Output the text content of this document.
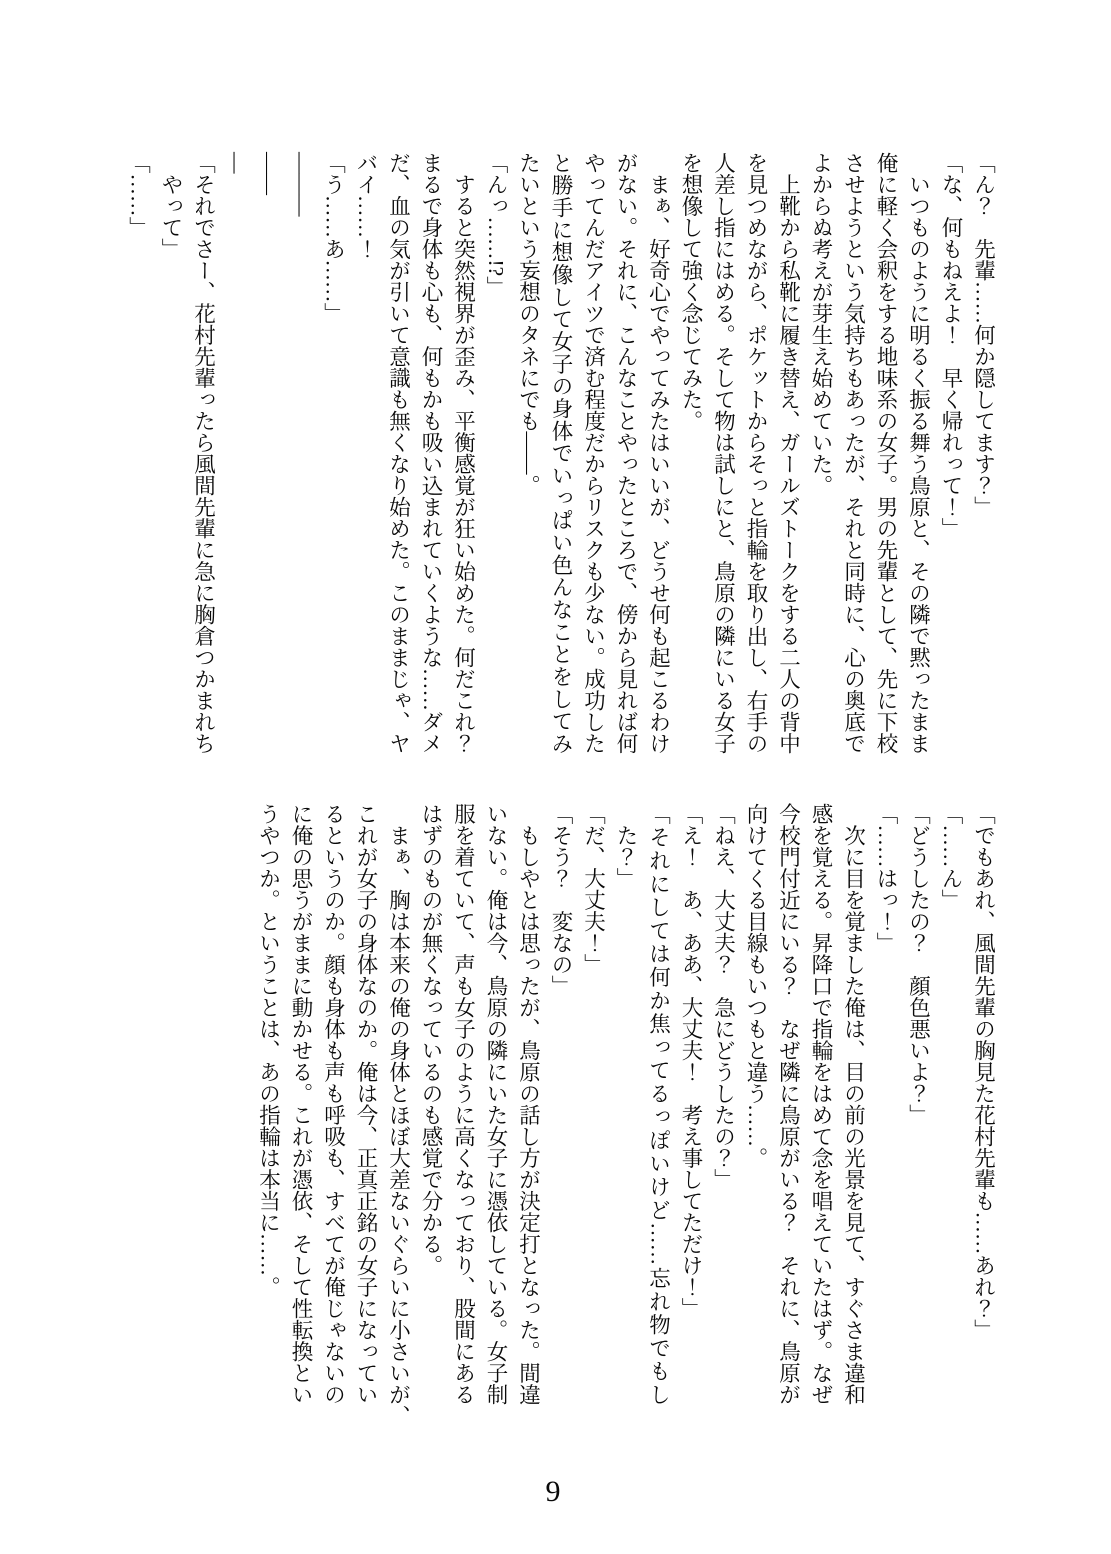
「ん？　先輩……何か隠してます？」
「な、何もねえよ！　早く帰れって！」
　いつものように明るく振る舞う鳥原と、その隣で黙ったまま
俺に軽く会釈をする地味系の女子。男の先輩として、先に下校
させようという気持ちもあったが、それと同時に、心の奥底で
よからぬ考えが芽生え始めていた。
　上靴から私靴に履き替え、ガールズトークをする二人の背中
を見つめながら、ポケットからそっと指輪を取り出し、右手の
人差し指にはめる。そして物は試しにと、鳥原の隣にいる女子
を想像して強く念じてみた。
　まぁ、好奇心でやってみたはいいが、どうせ何も起こるわけ
がない。それに、こんなことやったところで、傍から見れば何
やってんだアイツで済む程度だからリスクも少ない。成功した
と勝手に想像して女子の身体でいっぱい色んなことをしてみ
たいという妄想のタネにでも――。
「んっ……!?」
　すると突然視界が歪み、平衡感覚が狂い始めた。何だこれ？
まるで身体も心も、何もかも吸い込まれていくような……ダメ
だ、血の気が引いて意識も無くなり始めた。このままじゃ、ヤ
バイ……！
「う……あ……」
―――
――
―
「それでさー、花村先輩ったら風間先輩に急に胸倉つかまれち
　やって」
「……」
「でもあれ、風間先輩の胸見た花村先輩も……あれ？」
「……ん」
「どうしたの？　顔色悪いよ？」
「……はっ！」
　次に目を覚ました俺は、目の前の光景を見て、すぐさま違和
感を覚える。昇降口で指輪をはめて念を唱えていたはず。なぜ
今校門付近にいる？　なぜ隣に鳥原がいる？　それに、鳥原が
向けてくる目線もいつもと違う……。
「ねえ、大丈夫？　急にどうしたの？」
「え！　あ、ああ、大丈夫！　考え事してただけ！」
「それにしては何か焦ってるっぽいけど……忘れ物でもし
　た？」
「だ、大丈夫！」
「そう？　変なの」
　もしやとは思ったが、鳥原の話し方が決定打となった。間違
いない。俺は今、鳥原の隣にいた女子に憑依している。女子制
服を着ていて、声も女子のように高くなっており、股間にある
はずのものが無くなっているのも感覚で分かる。
　まぁ、胸は本来の俺の身体とほぼ大差ないぐらいに小さいが、
これが女子の身体なのか。俺は今、正真正銘の女子になってい
るというのか。顔も身体も声も呼吸も、すべてが俺じゃないの
に俺の思うがままに動かせる。これが憑依、そして性転換とい
うやつか。ということは、あの指輪は本当に……。
9
